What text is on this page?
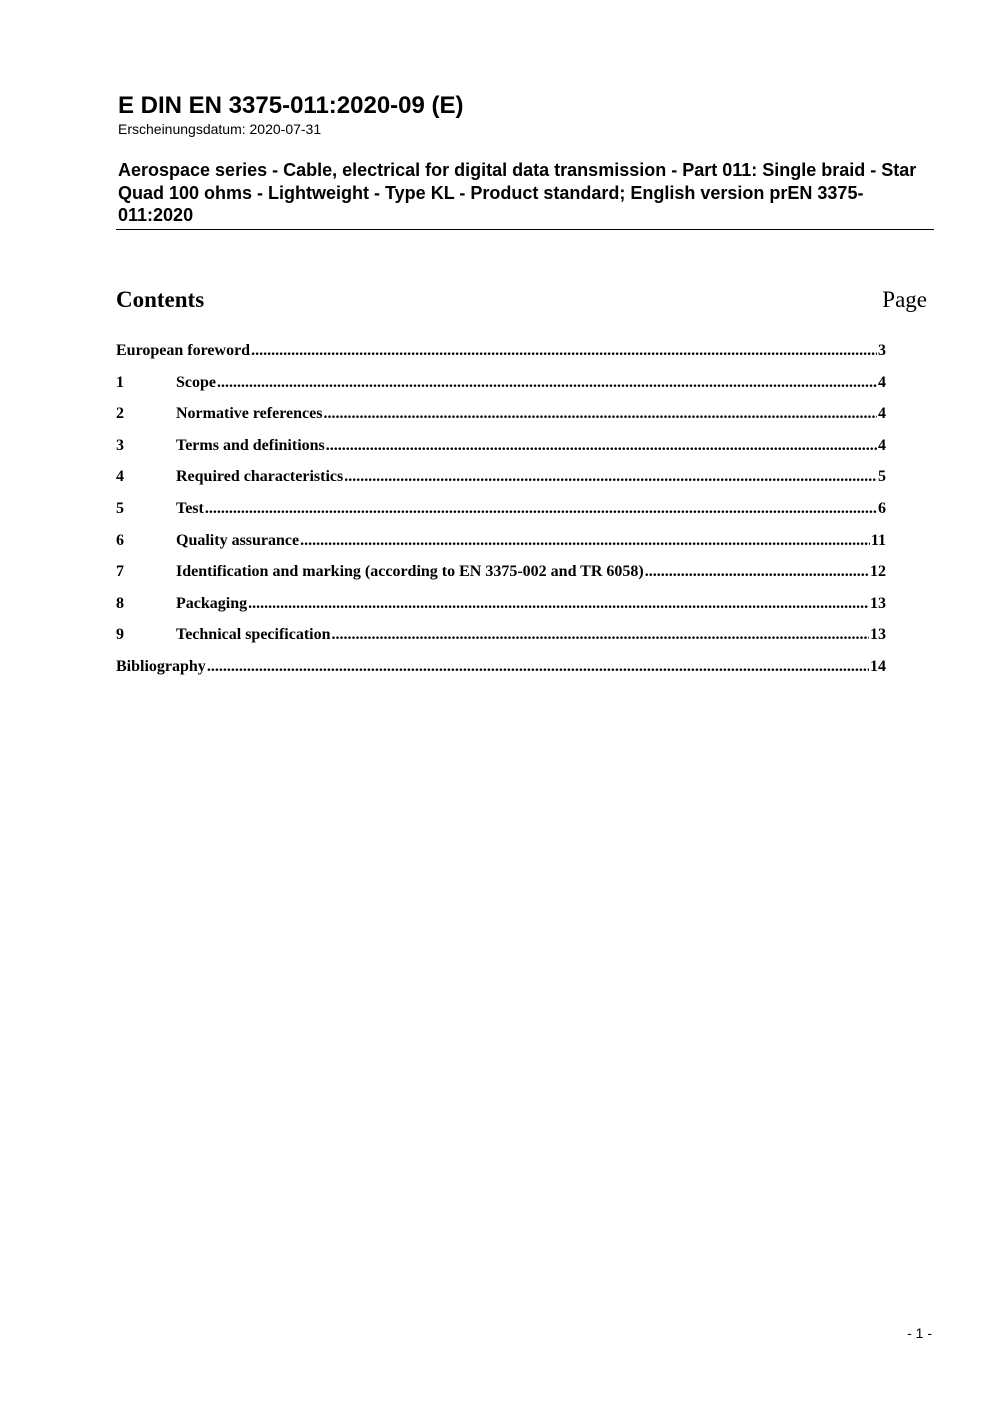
E DIN EN 3375-011:2020-09 (E)
Erscheinungsdatum: 2020-07-31
Aerospace series - Cable, electrical for digital data transmission - Part 011: Single braid - Star Quad 100 ohms - Lightweight - Type KL - Product standard; English version prEN 3375-011:2020
Contents	Page
European foreword .....	3
1	Scope .....	4
2	Normative references .....	4
3	Terms and definitions .....	4
4	Required characteristics .....	5
5	Test .....	6
6	Quality assurance .....	11
7	Identification and marking (according to EN 3375-002 and TR 6058) .....	12
8	Packaging .....	13
9	Technical specification .....	13
Bibliography .....	14
- 1 -
